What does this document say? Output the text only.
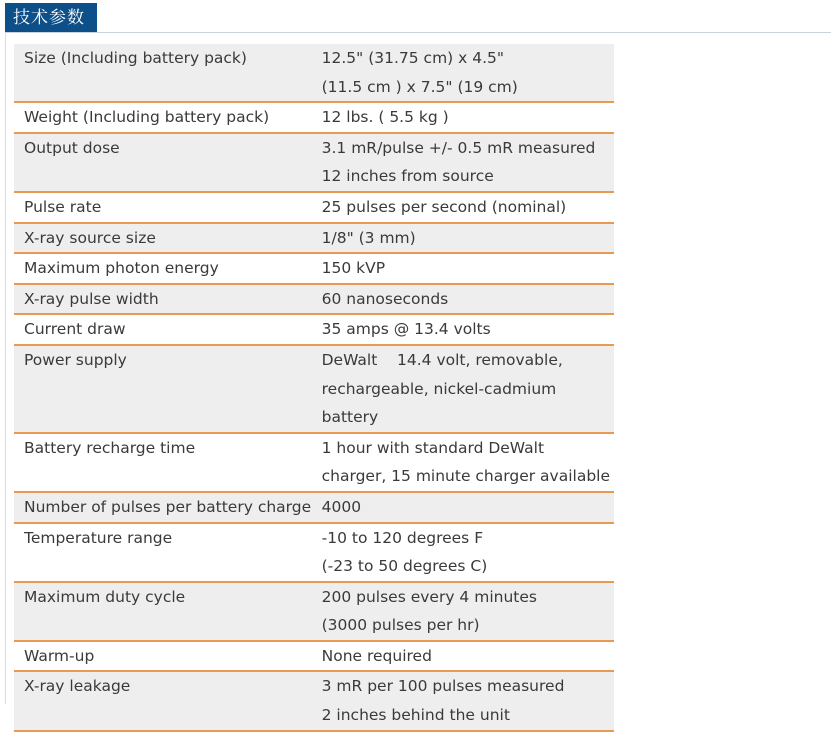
技术参数
Size (Including battery pack)	12.5" (31.75 cm) x 4.5"
(11.5 cm ) x 7.5" (19 cm)

Weight (Including battery pack)	12 lbs. ( 5.5 kg )

Output dose	3.1 mR/pulse +/- 0.5 mR measured
12 inches from source

Pulse rate	25 pulses per second (nominal)

X-ray source size	1/8" (3 mm)

Maximum photon energy	150 kVP

X-ray pulse width	60 nanoseconds

Current draw	35 amps @ 13.4 volts

Power supply	DeWalt    14.4 volt, removable,
rechargeable, nickel-cadmium
battery

Battery recharge time	1 hour with standard DeWalt
charger, 15 minute charger available

Number of pulses per battery charge	4000

Temperature range	-10 to 120 degrees F
(-23 to 50 degrees C)

Maximum duty cycle	200 pulses every 4 minutes
(3000 pulses per hr)

Warm-up	None required

X-ray leakage	3 mR per 100 pulses measured
2 inches behind the unit
